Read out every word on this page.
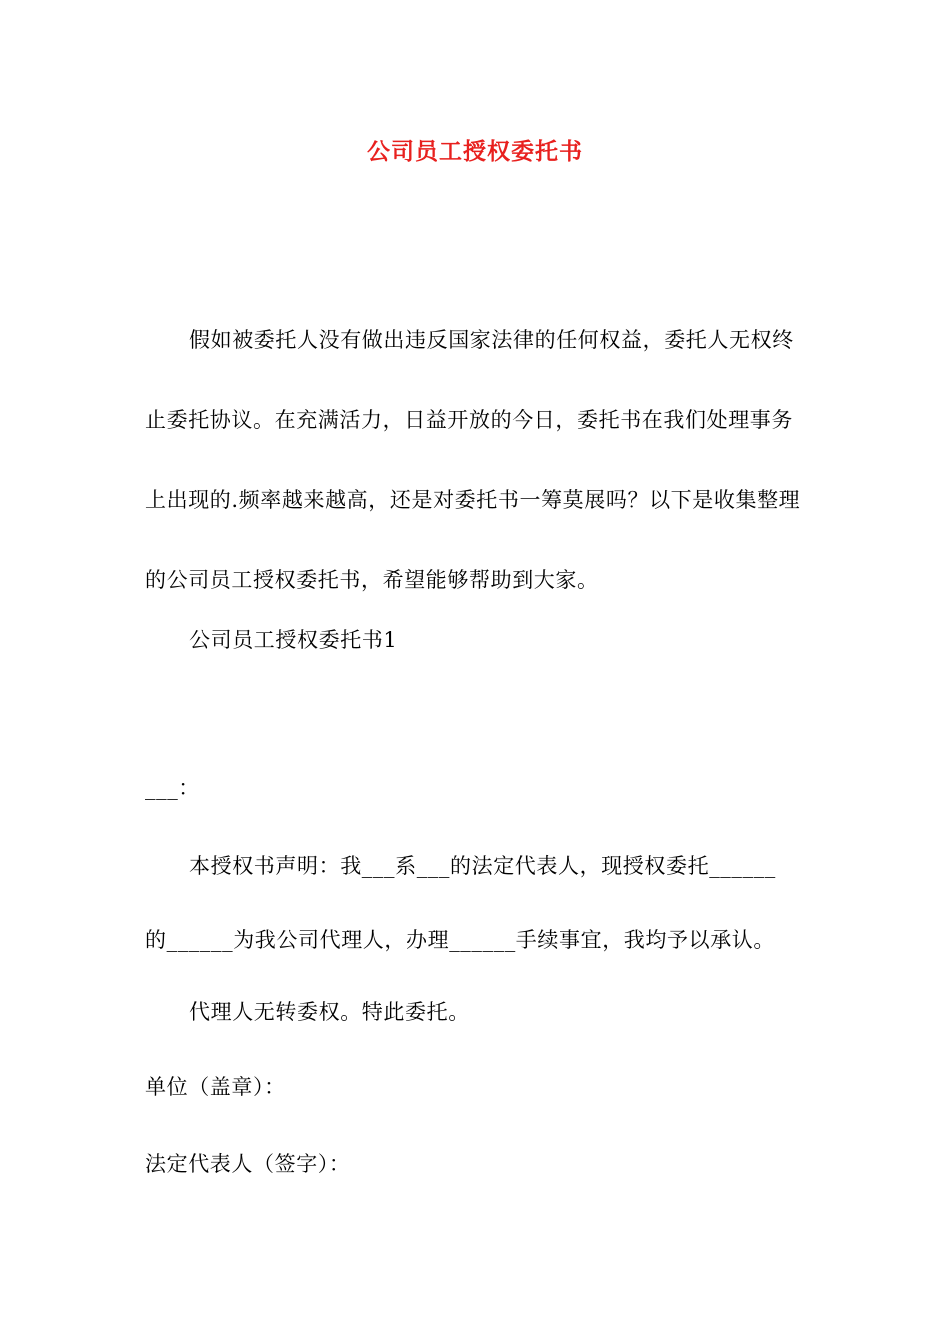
公司员工授权委托书
假如被委托人没有做出违反国家法律的任何权益，委托人无权终止委托协议。在充满活力，日益开放的今日，委托书在我们处理事务上出现的.频率越来越高，还是对委托书一筹莫展吗？以下是收集整理的公司员工授权委托书，希望能够帮助到大家。
公司员工授权委托书1
___：
本授权书声明：我___系___的法定代表人，现授权委托______
的______为我公司代理人，办理______手续事宜，我均予以承认。
代理人无转委权。特此委托。
单位（盖章）：
法定代表人（签字）：
